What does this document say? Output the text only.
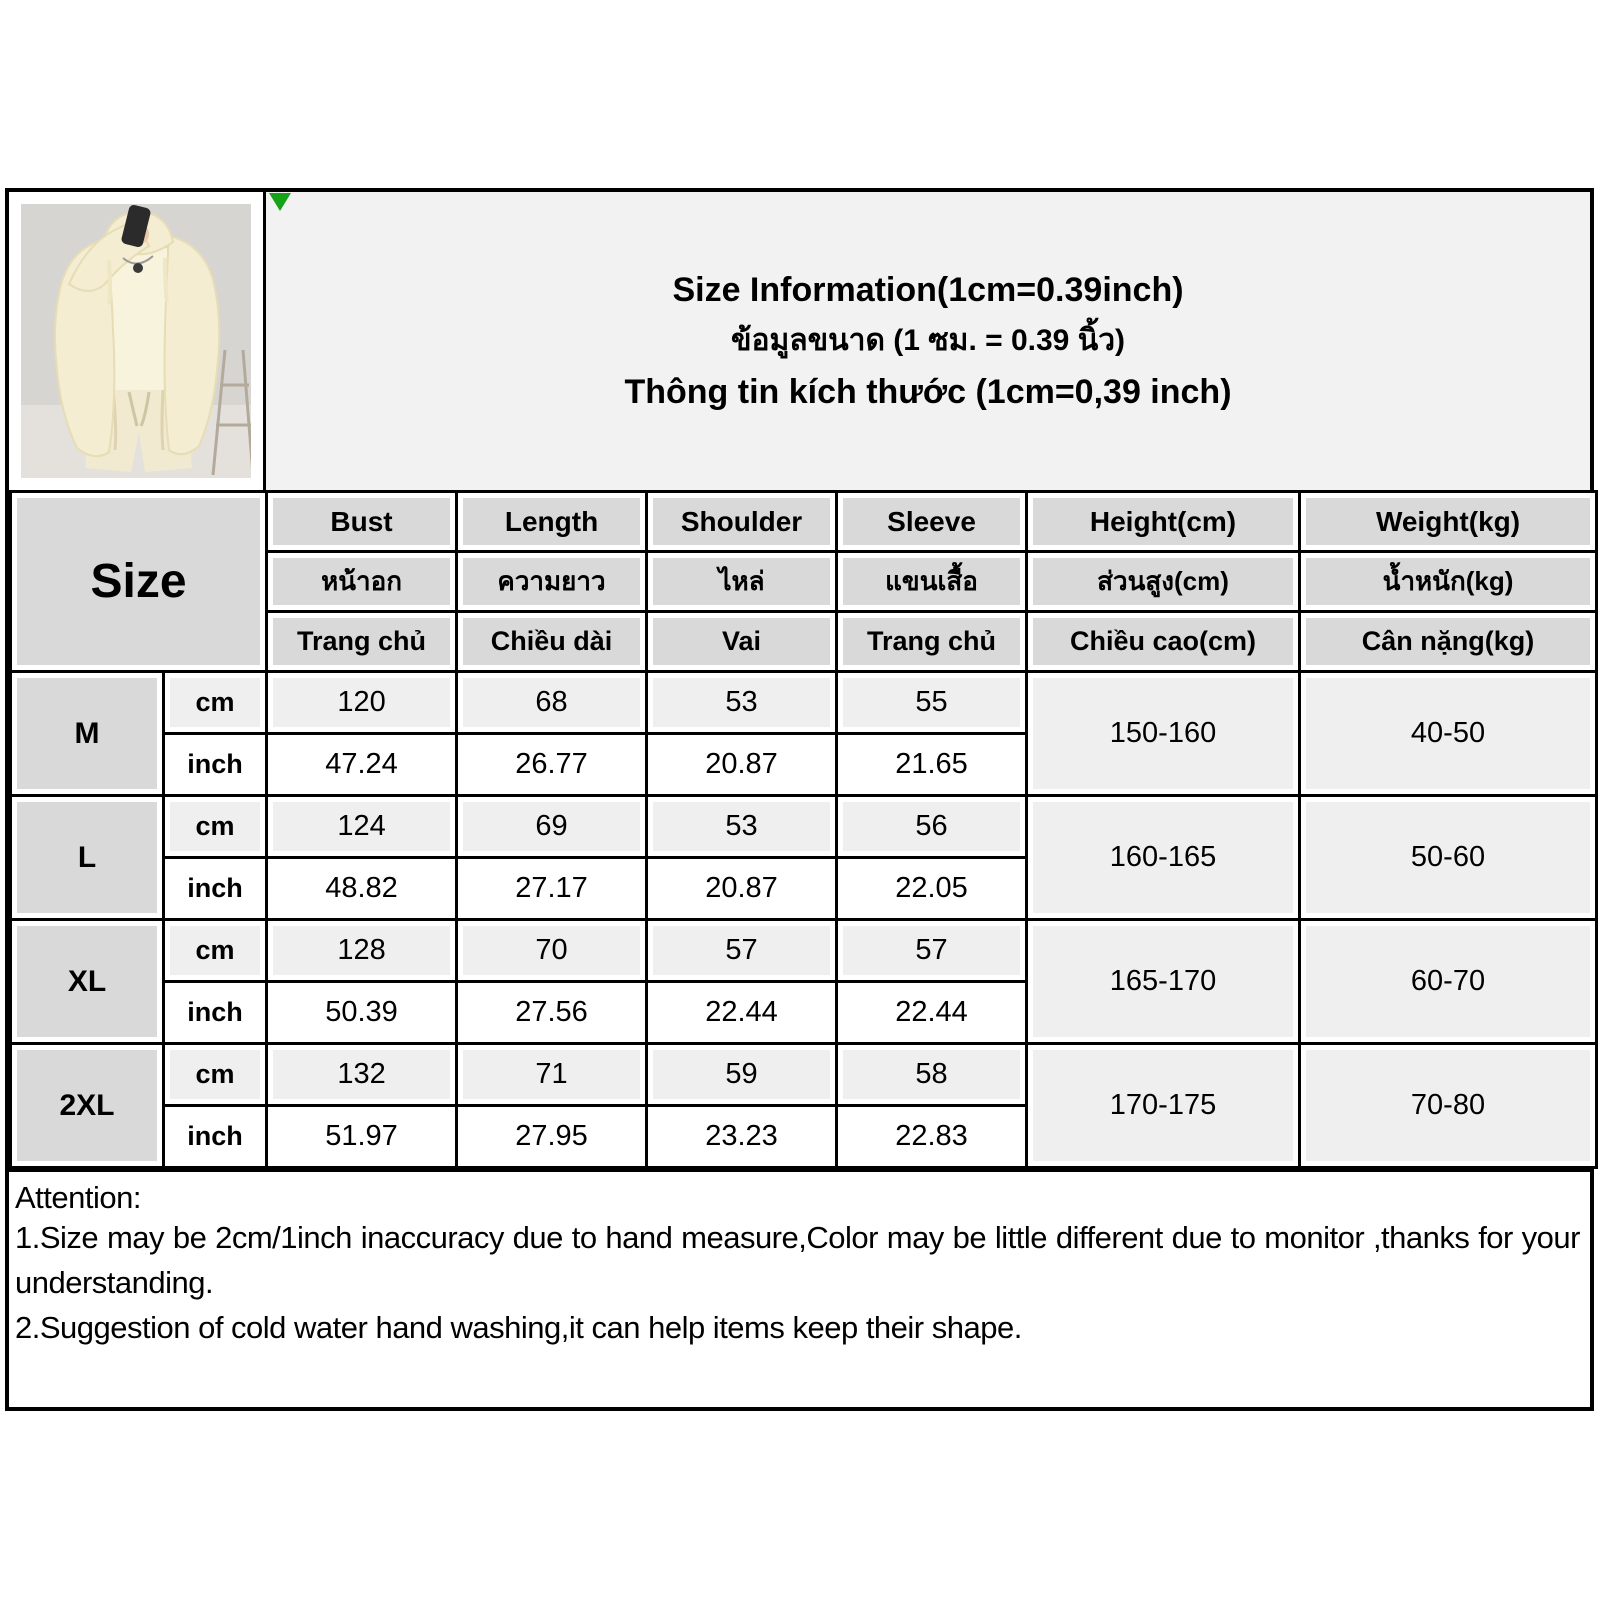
Size Information(1cm=0.39inch)
ข้อมูลขนาด (1 ซม. = 0.39 นิ้ว)
Thông tin kích thước (1cm=0,39 inch)
Size		Bust	Length	Shoulder	Sleeve	Height(cm)	Weight(kg)
		หน้าอก	ความยาว	ไหล่	แขนเสื้อ	ส่วนสูง(cm)	น้ำหนัก(kg)
		Trang chủ	Chiều dài	Vai	Trang chủ	Chiều cao(cm)	Cân nặng(kg)
M	cm	120	68	53	55	150-160	40-50
	inch	47.24	26.77	20.87	21.65		
L	cm	124	69	53	56	160-165	50-60
	inch	48.82	27.17	20.87	22.05		
XL	cm	128	70	57	57	165-170	60-70
	inch	50.39	27.56	22.44	22.44		
2XL	cm	132	71	59	58	170-175	70-80
	inch	51.97	27.95	23.23	22.83		
Attention:

1.Size may be 2cm/1inch inaccuracy due to hand measure,Color may be little different due to monitor ,thanks for your understanding.

2.Suggestion of cold water hand washing,it can help items keep their shape.
